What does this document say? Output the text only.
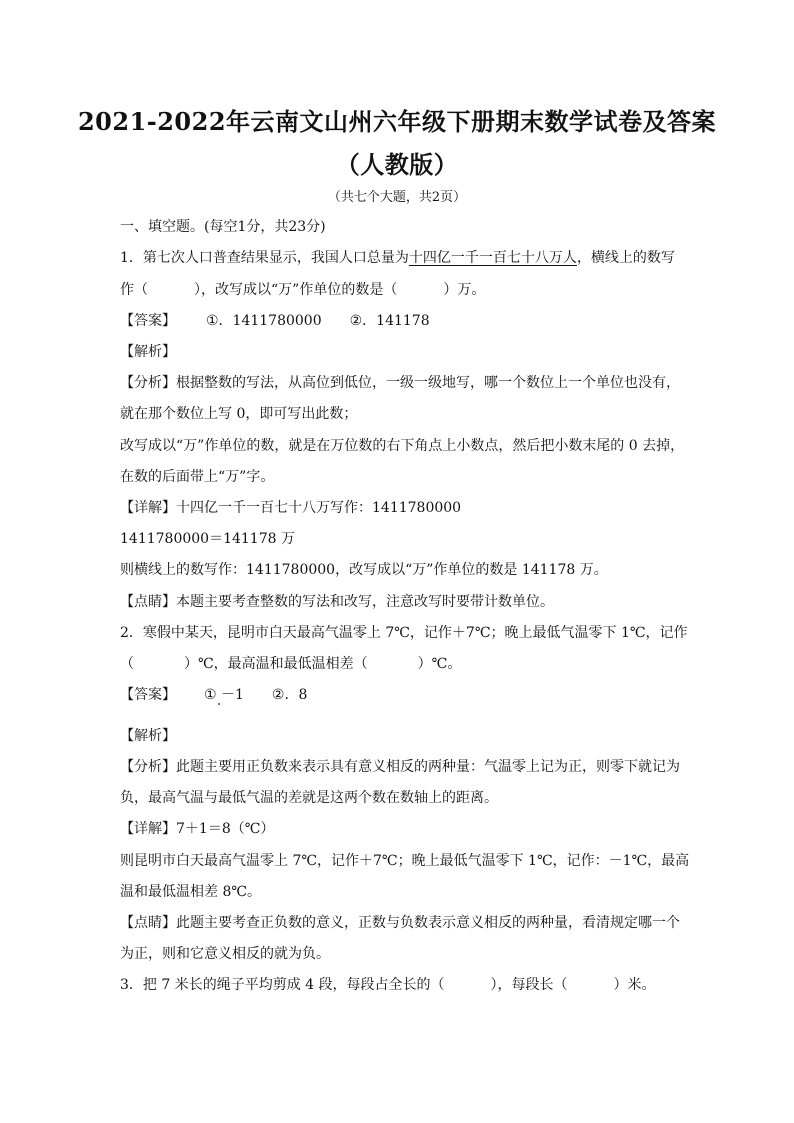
2021-2022年云南文山州六年级下册期末数学试卷及答案
（人教版）
（共七个大题，共2页）
一、填空题。(每空1分，共23分)
1．第七次人口普查结果显示，我国人口总量为十四亿一千一百七十八万人，横线上的数写
作（	），改写成以“万”作单位的数是（	）万。
【答案】 ①．1411780000 ②．141178
【解析】
【分析】根据整数的写法，从高位到低位，一级一级地写，哪一个数位上一个单位也没有，
就在那个数位上写 0，即可写出此数；
改写成以“万”作单位的数，就是在万位数的右下角点上小数点，然后把小数末尾的 0 去掉，
在数的后面带上“万”字。
【详解】十四亿一千一百七十八万写作：1411780000
1411780000＝141178 万
则横线上的数写作：1411780000，改写成以“万”作单位的数是 141178 万。
【点睛】本题主要考查整数的写法和改写，注意改写时要带计数单位。
2．寒假中某天，昆明市白天最高气温零上 7℃，记作＋7℃；晚上最低气温零下 1℃，记作
（	）℃，最高温和最低温相差（	）℃。
【答案】 ① －1 ②．8
【解析】
【分析】此题主要用正负数来表示具有意义相反的两种量：气温零上记为正，则零下就记为
负，最高气温与最低气温的差就是这两个数在数轴上的距离。
【详解】7＋1＝8（℃）
则昆明市白天最高气温零上 7℃，记作＋7℃；晚上最低气温零下 1℃，记作：－1℃，最高
温和最低温相差 8℃。
【点睛】此题主要考查正负数的意义，正数与负数表示意义相反的两种量，看清规定哪一个
为正，则和它意义相反的就为负。
3．把 7 米长的绳子平均剪成 4 段，每段占全长的（	），每段长（	）米。
